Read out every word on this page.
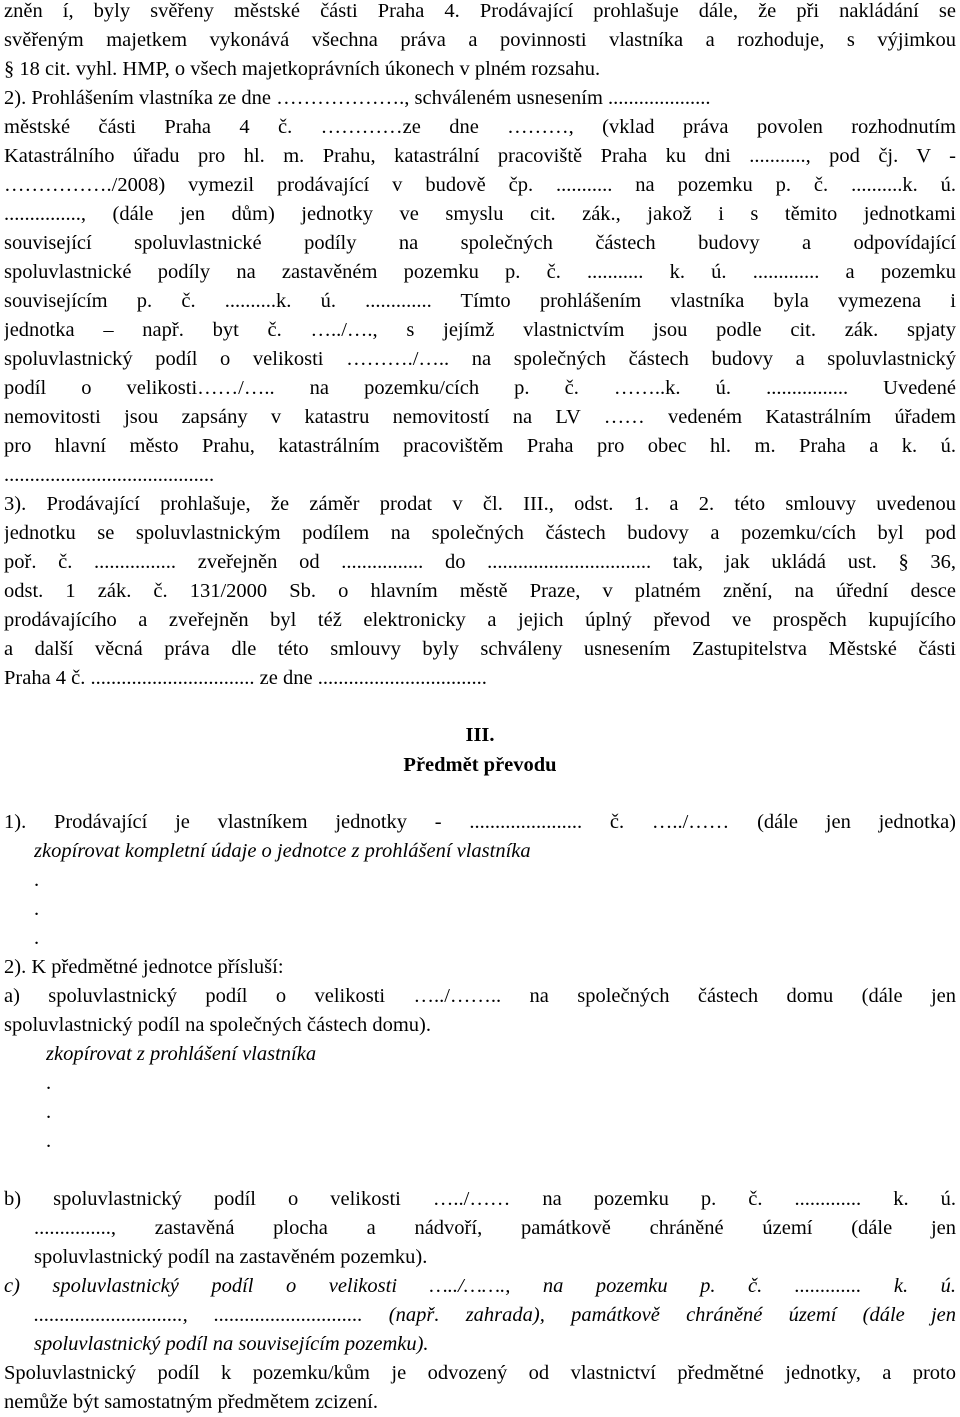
zněn í, byly svěřeny městské části Praha 4. Prodávající prohlašuje dále, že při nakládání se
svěřeným majetkem vykonává všechna práva a povinnosti vlastníka a rozhoduje, s výjimkou
§ 18 cit. vyhl. HMP, o všech majetkoprávních úkonech v plném rozsahu.
2). Prohlášením vlastníka ze dne ………………., schváleném usnesením ....................
městské části Praha 4 č. …………ze dne ………, (vklad práva povolen rozhodnutím
Katastrálního úřadu pro hl. m. Prahu, katastrální pracoviště Praha ku dni ..........., pod čj. V -
……………./2008) vymezil prodávající v budově čp. ........... na pozemku p. č. ..........k. ú.
..............., (dále jen dům) jednotky ve smyslu cit. zák., jakož i s těmito jednotkami
související spoluvlastnické podíly na společných částech budovy a odpovídající
spoluvlastnické podíly na zastavěném pozemku p. č. ........... k. ú. ............. a pozemku
souvisejícím p. č. ..........k. ú. ............. Tímto prohlášením vlastníka byla vymezena i
jednotka – např. byt č. …../…., s jejímž vlastnictvím jsou podle cit. zák. spjaty
spoluvlastnický podíl o velikosti ………./….. na společných částech budovy a spoluvlastnický
podíl o velikosti……/….. na pozemku/cích p. č. ……..k. ú. ................ Uvedené
nemovitosti jsou zapsány v katastru nemovitostí na LV …… vedeném Katastrálním úřadem
pro hlavní město Prahu, katastrálním pracovištěm Praha pro obec hl. m. Praha a k. ú.
.........................................
3). Prodávající prohlašuje, že záměr prodat v čl. III., odst. 1. a 2. této smlouvy uvedenou
jednotku se spoluvlastnickým podílem na společných částech budovy a pozemku/cích byl pod
poř. č. ................ zveřejněn od ................ do ................................ tak, jak ukládá ust. § 36,
odst. 1 zák. č. 131/2000 Sb. o hlavním městě Praze, v platném znění, na úřední desce
prodávajícího a zveřejněn byl též elektronicky a jejich úplný převod ve prospěch kupujícího
a další věcná práva dle této smlouvy byly schváleny usnesením Zastupitelstva Městské části
Praha 4 č. ................................ ze dne .................................
III.
Předmět převodu
1). Prodávající je vlastníkem jednotky - ...................... č. …../…… (dále jen jednotka)
zkopírovat kompletní údaje o jednotce z prohlášení vlastníka
.
.
.
2). K předmětné jednotce přísluší:
a) spoluvlastnický podíl o velikosti …../…….. na společných částech domu (dále jen
spoluvlastnický podíl na společných částech domu).
zkopírovat z prohlášení vlastníka
.
.
.
b) spoluvlastnický podíl o velikosti …../…… na pozemku p. č. ............. k. ú.
..............., zastavěná plocha a nádvoří, památkově chráněné území (dále jen
spoluvlastnický podíl na zastavěném pozemku).
c) spoluvlastnický podíl o velikosti …../……., na pozemku p. č. ............. k. ú.
............................., ............................. (např. zahrada), památkově chráněné území (dále jen
spoluvlastnický podíl na souvisejícím pozemku).
Spoluvlastnický podíl k pozemku/kům je odvozený od vlastnictví předmětné jednotky, a proto
nemůže být samostatným předmětem zcizení.
